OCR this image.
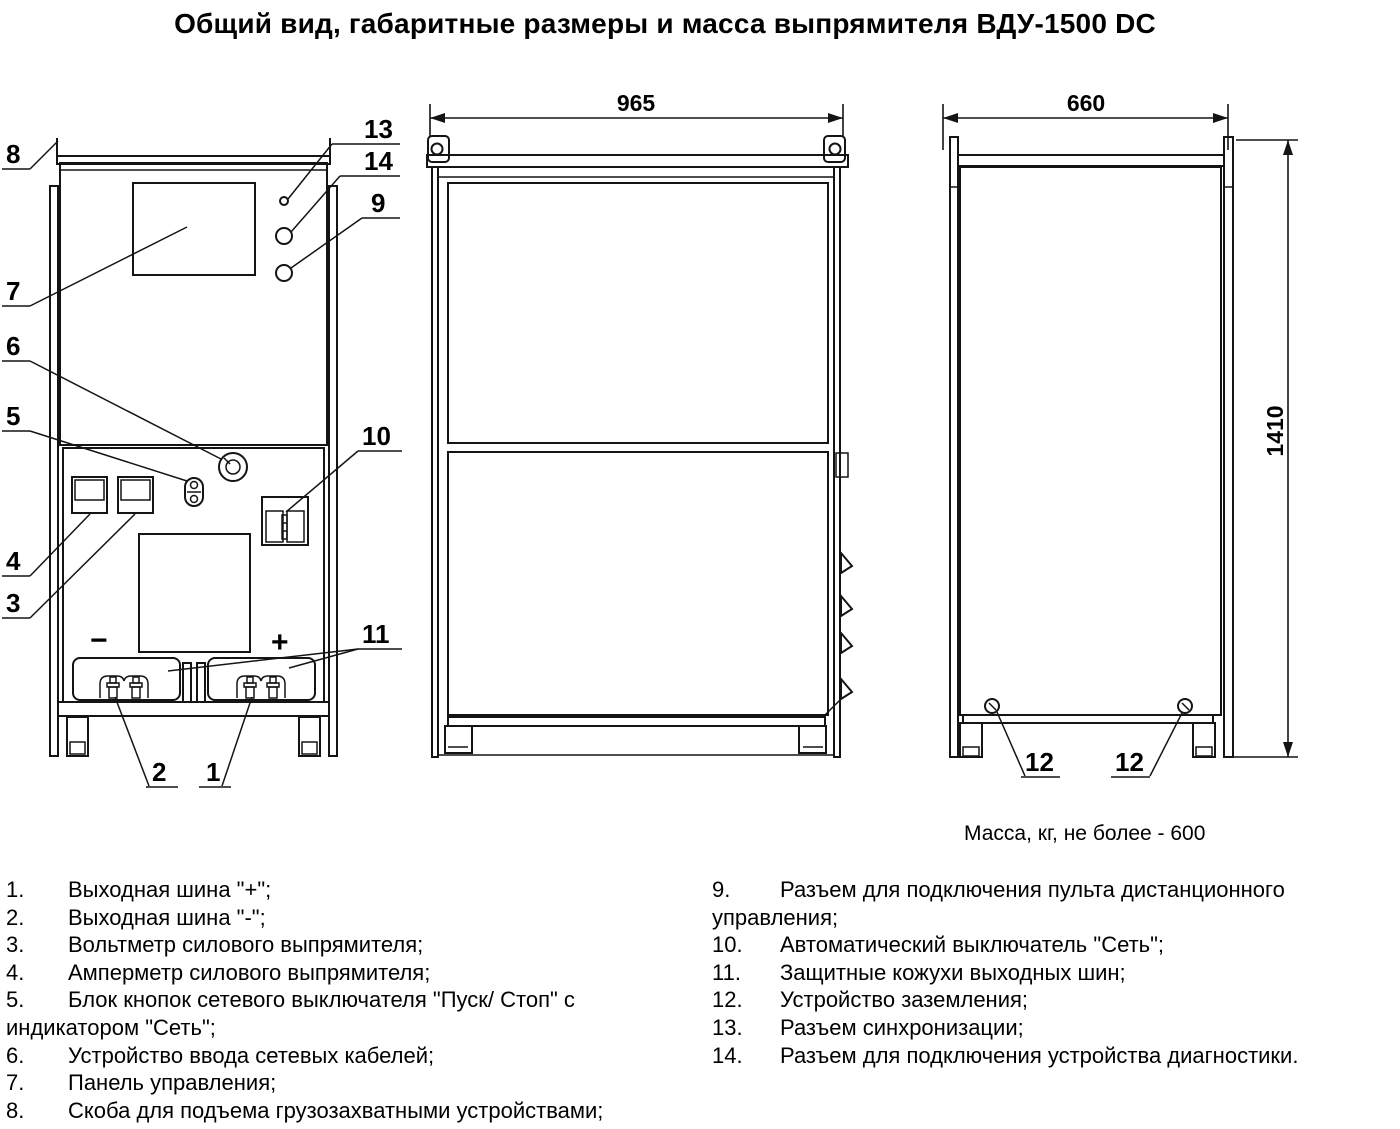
Общий вид, габаритные размеры и масса выпрямителя ВДУ-1500 DC
−	+
8
13
14
9
7
6
5
4
3
10
11
2 1
965	660
12 12
1410
Масса, кг, не более - 600
1. Выходная шина "+";
2. Выходная шина "-";
3. Вольтметр силового выпрямителя;
4. Амперметр силового выпрямителя;
5. Блок кнопок сетевого выключателя "Пуск/ Стоп" с индикатором "Сеть";
6. Устройство ввода сетевых кабелей;
7. Панель управления;
8. Скоба для подъема грузозахватными устройствами;
9. Разъем для подключения пульта дистанционного управления;
10. Автоматический выключатель "Сеть";
11. Защитные кожухи выходных шин;
12. Устройство заземления;
13. Разъем синхронизации;
14. Разъем для подключения устройства диагностики.
